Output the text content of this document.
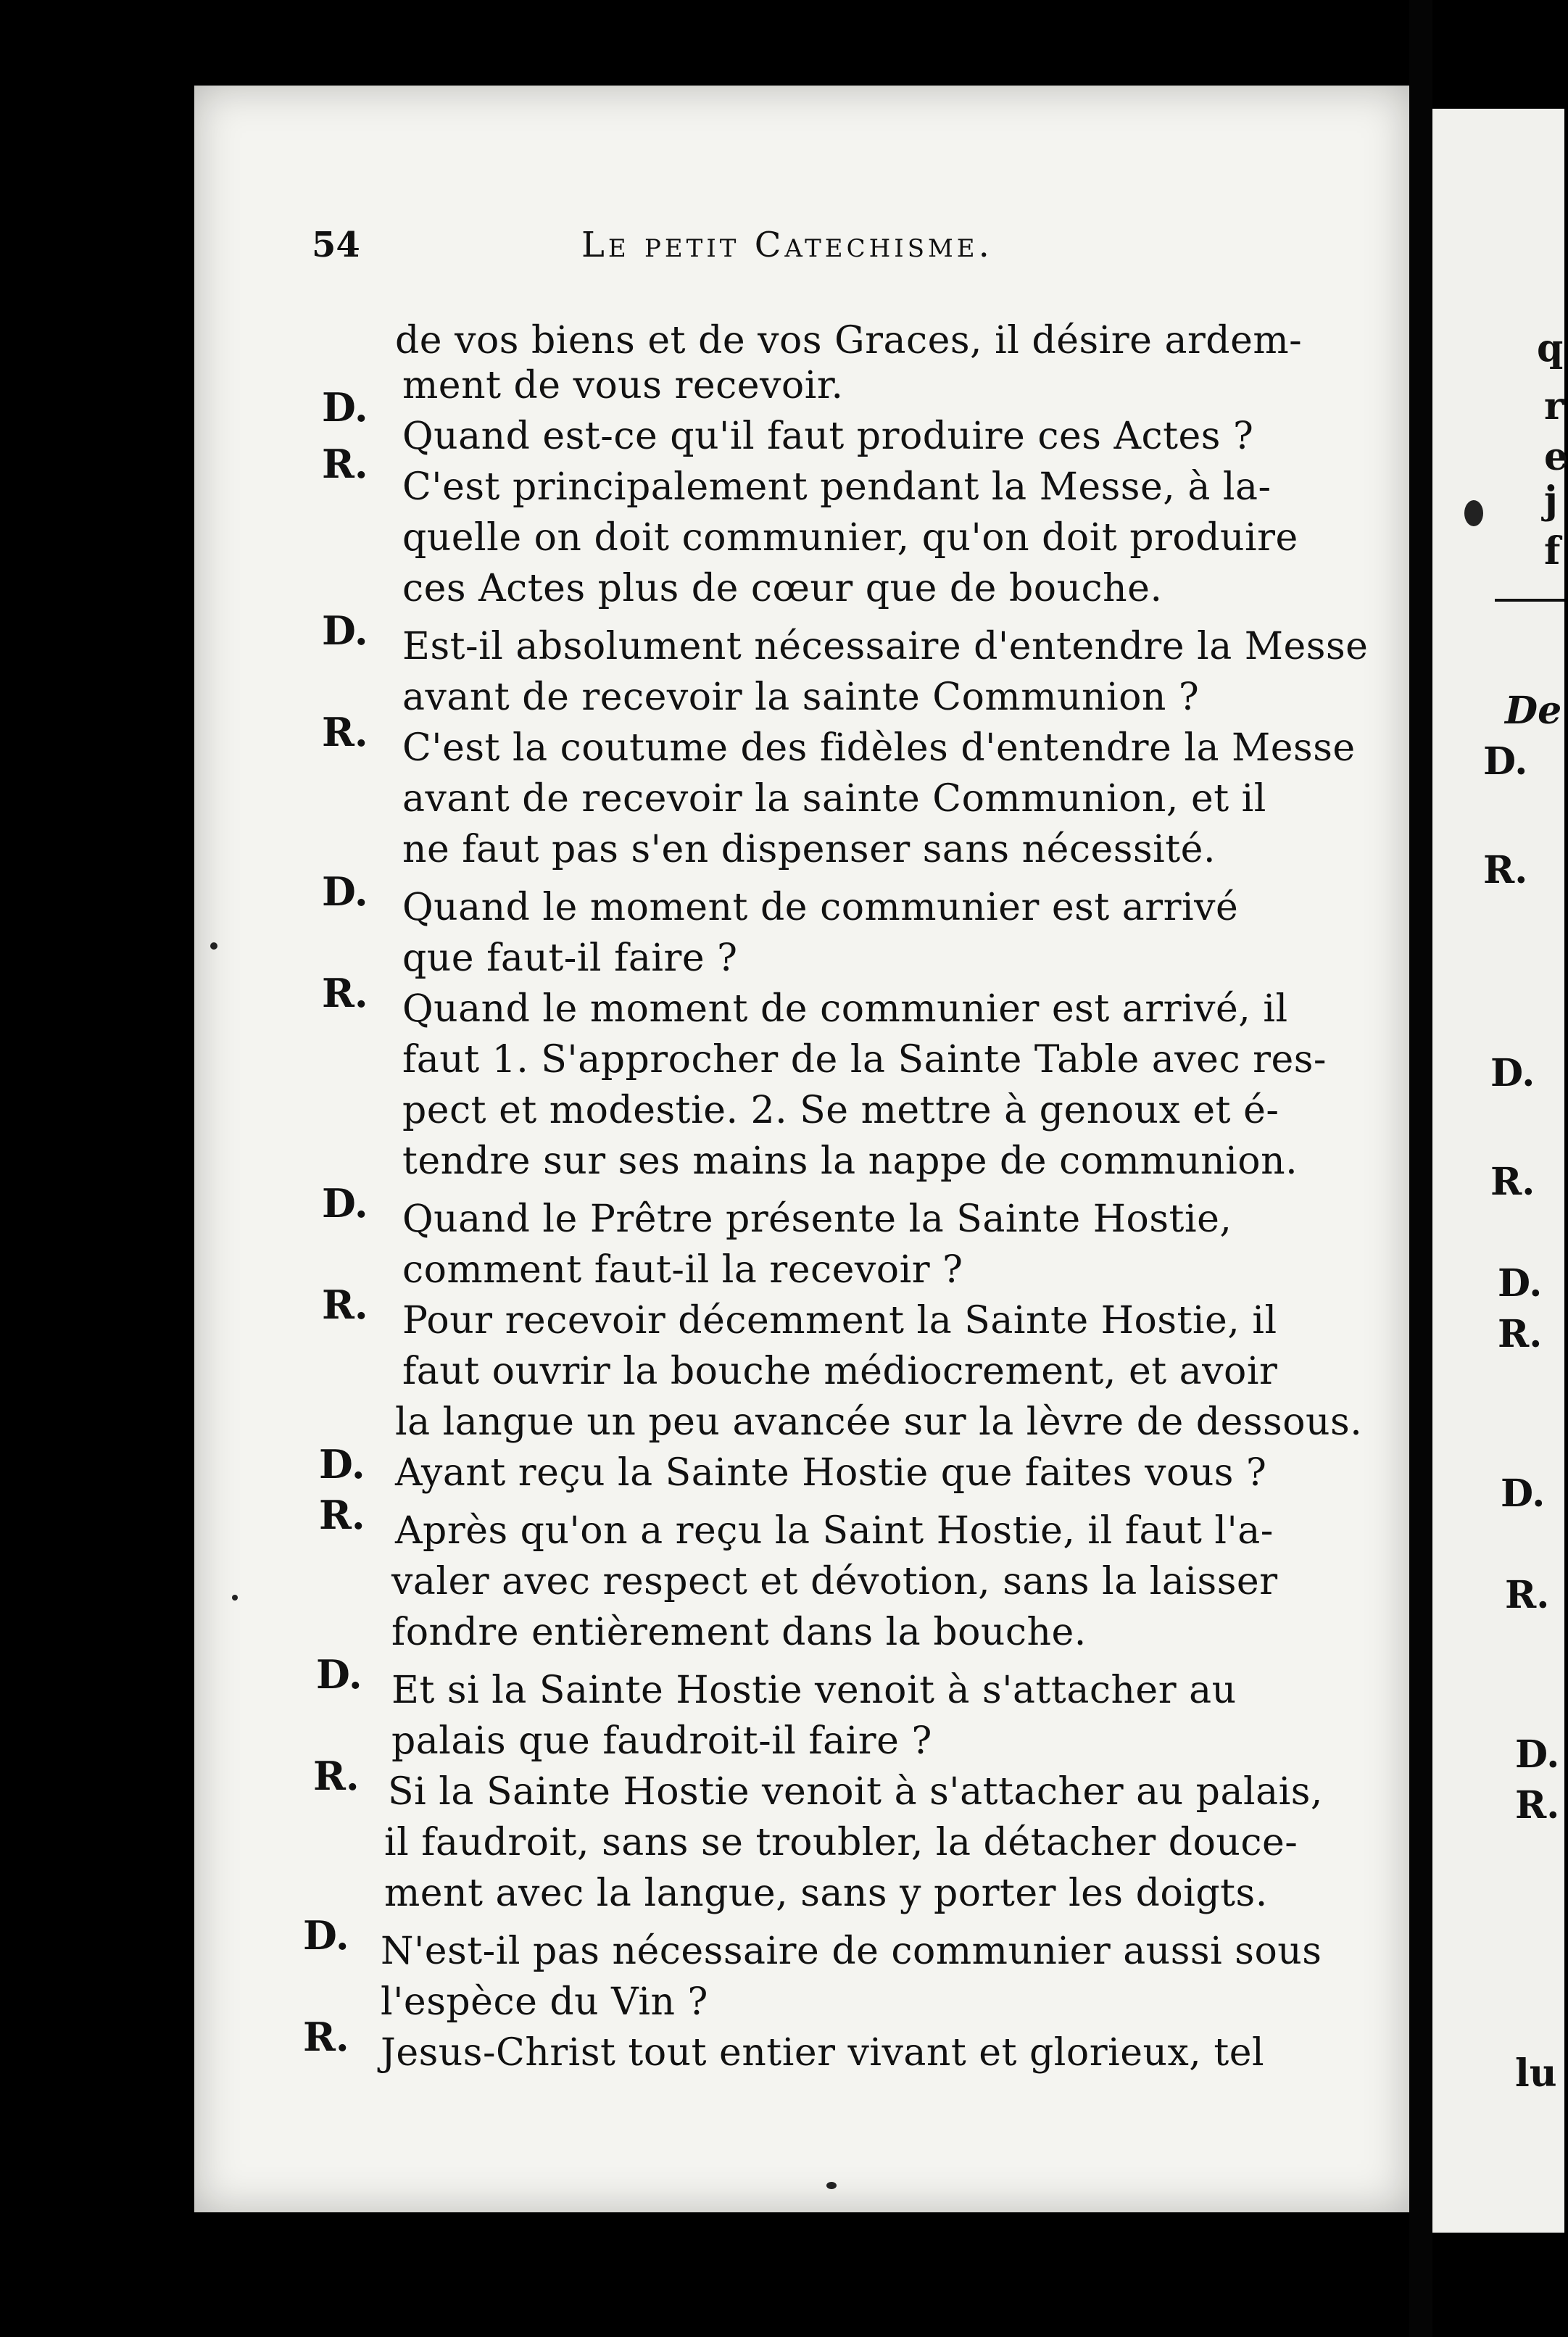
54	Le petit Catechisme.
D.
R.
D.
R.
D.
R.
D.
R.
D.
R.
D.
R.
D.
R.
de vos biens et de vos Graces, il désire ardem-
ment de vous recevoir.
Quand est-ce qu'il faut produire ces Actes ?
C'est principalement pendant la Messe, à la-
quelle on doit communier, qu'on doit produire
ces Actes plus de cœur que de bouche.
Est-il absolument nécessaire d'entendre la Messe
avant de recevoir la sainte Communion ?
C'est la coutume des fidèles d'entendre la Messe
avant de recevoir la sainte Communion, et il
ne faut pas s'en dispenser sans nécessité.
Quand le moment de communier est arrivé
que faut-il faire ?
Quand le moment de communier est arrivé, il
faut 1. S'approcher de la Sainte Table avec res-
pect et modestie. 2. Se mettre à genoux et é-
tendre sur ses mains la nappe de communion.
Quand le Prêtre présente la Sainte Hostie,
comment faut-il la recevoir ?
Pour recevoir décemment la Sainte Hostie, il
faut ouvrir la bouche médiocrement, et avoir
la langue un peu avancée sur la lèvre de dessous.
Ayant reçu la Sainte Hostie que faites vous ?
Après qu'on a reçu la Saint Hostie, il faut l'a-
valer avec respect et dévotion, sans la laisser
fondre entièrement dans la bouche.
Et si la Sainte Hostie venoit à s'attacher au
palais que faudroit-il faire ?
Si la Sainte Hostie venoit à s'attacher au palais,
il faudroit, sans se troubler, la détacher douce-
ment avec la langue, sans y porter les doigts.
N'est-il pas nécessaire de communier aussi sous
l'espèce du Vin ?
Jesus-Christ tout entier vivant et glorieux, tel
q
r
e
j
f
De
D.
R.
D.
R.
D.
R.
D.
R.
D.
R.
lu
